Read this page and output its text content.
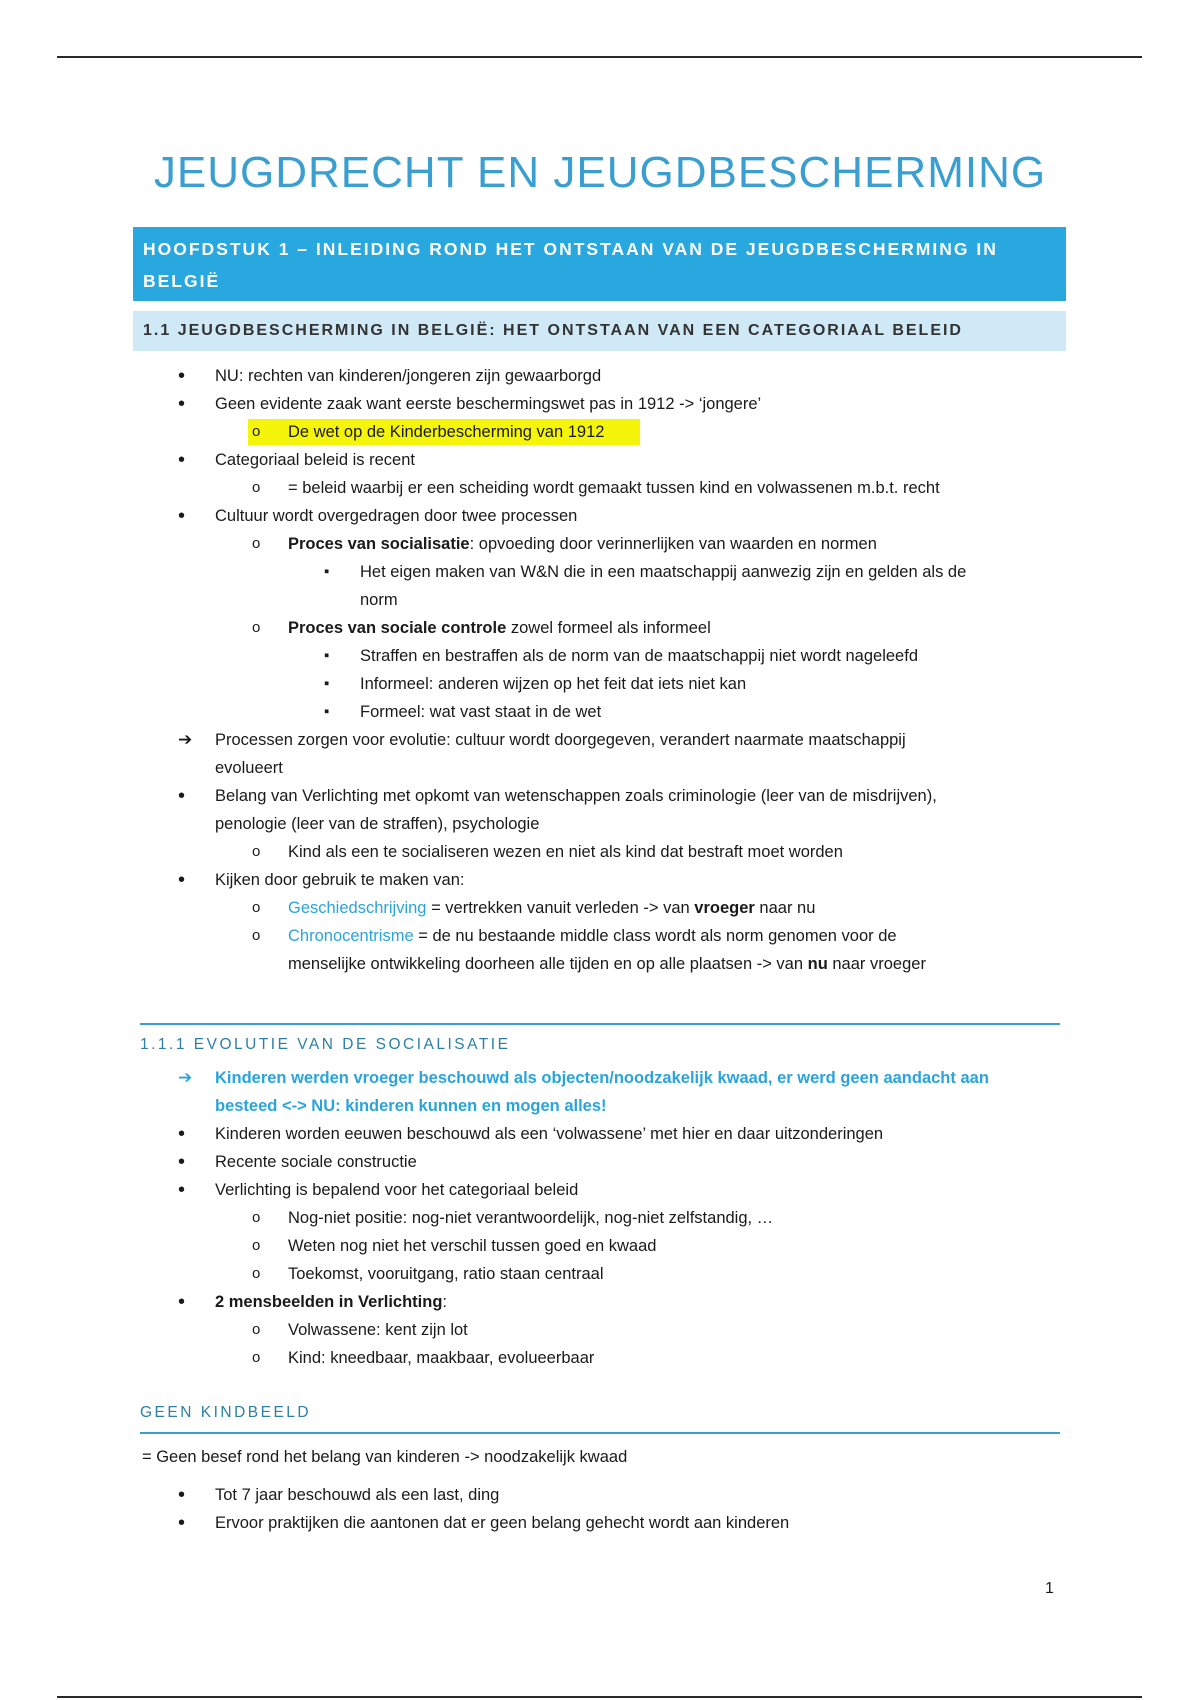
JEUGDRECHT EN JEUGDBESCHERMING
HOOFDSTUK 1 – INLEIDING ROND HET ONTSTAAN VAN DE JEUGDBESCHERMING IN BELGIË
1.1 JEUGDBESCHERMING IN BELGIË: HET ONTSTAAN VAN EEN CATEGORIAAL BELEID
•
NU: rechten van kinderen/jongeren zijn gewaarborgd
•
Geen evidente zaak want eerste beschermingswet pas in 1912 -> ‘jongere’
o
De wet op de Kinderbescherming van 1912
•
Categoriaal beleid is recent
o
= beleid waarbij er een scheiding wordt gemaakt tussen kind en volwassenen m.b.t. recht
•
Cultuur wordt overgedragen door twee processen
o
Proces van socialisatie: opvoeding door verinnerlijken van waarden en normen
▪
Het eigen maken van W&N die in een maatschappij aanwezig zijn en gelden als de
norm
o
Proces van sociale controle zowel formeel als informeel
▪
Straffen en bestraffen als de norm van de maatschappij niet wordt nageleefd
▪
Informeel: anderen wijzen op het feit dat iets niet kan
▪
Formeel: wat vast staat in de wet
➔
Processen zorgen voor evolutie: cultuur wordt doorgegeven, verandert naarmate maatschappij
evolueert
•
Belang van Verlichting met opkomt van wetenschappen zoals criminologie (leer van de misdrijven),
penologie (leer van de straffen), psychologie
o
Kind als een te socialiseren wezen en niet als kind dat bestraft moet worden
•
Kijken door gebruik te maken van:
o
Geschiedschrijving = vertrekken vanuit verleden -> van vroeger naar nu
o
Chronocentrisme = de nu bestaande middle class wordt als norm genomen voor de
menselijke ontwikkeling doorheen alle tijden en op alle plaatsen -> van nu naar vroeger
1.1.1 EVOLUTIE VAN DE SOCIALISATIE
➔
Kinderen werden vroeger beschouwd als objecten/noodzakelijk kwaad, er werd geen aandacht aan
besteed <-> NU: kinderen kunnen en mogen alles!
•
Kinderen worden eeuwen beschouwd als een ‘volwassene’ met hier en daar uitzonderingen
•
Recente sociale constructie
•
Verlichting is bepalend voor het categoriaal beleid
o
Nog-niet positie: nog-niet verantwoordelijk, nog-niet zelfstandig, …
o
Weten nog niet het verschil tussen goed en kwaad
o
Toekomst, vooruitgang, ratio staan centraal
•
2 mensbeelden in Verlichting:
o
Volwassene: kent zijn lot
o
Kind: kneedbaar, maakbaar, evolueerbaar
GEEN KINDBEELD
= Geen besef rond het belang van kinderen -> noodzakelijk kwaad
•
Tot 7 jaar beschouwd als een last, ding
•
Ervoor praktijken die aantonen dat er geen belang gehecht wordt aan kinderen
1
